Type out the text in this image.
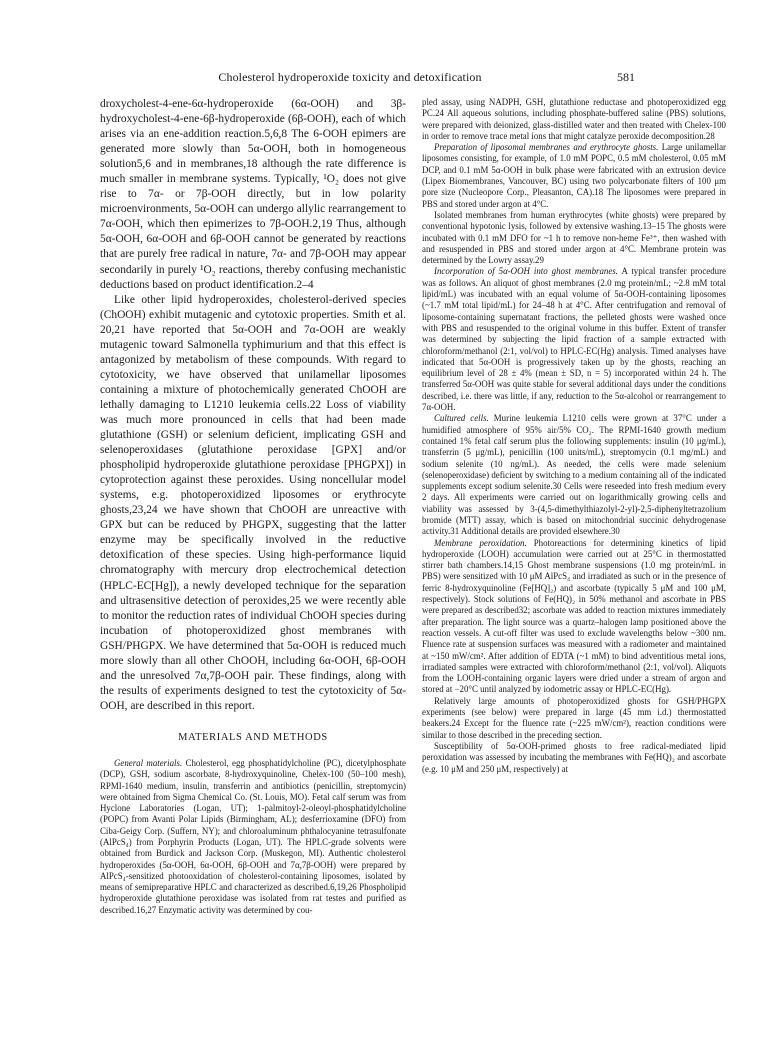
Cholesterol hydroperoxide toxicity and detoxification	581

droxycholest-4-ene-6α-hydroperoxide (6α-OOH) and 3β-hydroxycholest-4-ene-6β-hydroperoxide (6β-OOH), each of which arises via an ene-addition reaction.5,6,8 The 6-OOH epimers are generated more slowly than 5α-OOH, both in homogeneous solution5,6 and in membranes,18 although the rate difference is much smaller in membrane systems. Typically, ¹O₂ does not give rise to 7α- or 7β-OOH directly, but in low polarity microenvironments, 5α-OOH can undergo allylic rearrangement to 7α-OOH, which then epimerizes to 7β-OOH.2,19 Thus, although 5α-OOH, 6α-OOH and 6β-OOH cannot be generated by reactions that are purely free radical in nature, 7α- and 7β-OOH may appear secondarily in purely ¹O₂ reactions, thereby confusing mechanistic deductions based on product identification.2–4

Like other lipid hydroperoxides, cholesterol-derived species (ChOOH) exhibit mutagenic and cytotoxic properties. Smith et al. 20,21 have reported that 5α-OOH and 7α-OOH are weakly mutagenic toward Salmonella typhimurium and that this effect is antagonized by metabolism of these compounds. With regard to cytotoxicity, we have observed that unilamellar liposomes containing a mixture of photochemically generated ChOOH are lethally damaging to L1210 leukemia cells.22 Loss of viability was much more pronounced in cells that had been made glutathione (GSH) or selenium deficient, implicating GSH and selenoperoxidases (glutathione peroxidase [GPX] and/or phospholipid hydroperoxide glutathione peroxidase [PHGPX]) in cytoprotection against these peroxides. Using noncellular model systems, e.g. photoperoxidized liposomes or erythrocyte ghosts,23,24 we have shown that ChOOH are unreactive with GPX but can be reduced by PHGPX, suggesting that the latter enzyme may be specifically involved in the reductive detoxification of these species. Using high-performance liquid chromatography with mercury drop electrochemical detection (HPLC-EC[Hg]), a newly developed technique for the separation and ultrasensitive detection of peroxides,25 we were recently able to monitor the reduction rates of individual ChOOH species during incubation of photoperoxidized ghost membranes with GSH/PHGPX. We have determined that 5α-OOH is reduced much more slowly than all other ChOOH, including 6α-OOH, 6β-OOH and the unresolved 7α,7β-OOH pair. These findings, along with the results of experiments designed to test the cytotoxicity of 5α-OOH, are described in this report.

MATERIALS AND METHODS

General materials. Cholesterol, egg phosphatidylcholine (PC), dicetylphosphate (DCP), GSH, sodium ascorbate, 8-hydroxyquinoline, Chelex-100 (50–100 mesh), RPMI-1640 medium, insulin, transferrin and antibiotics (penicillin, streptomycin) were obtained from Sigma Chemical Co. (St. Louis, MO). Fetal calf serum was from Hyclone Laboratories (Logan, UT); 1-palmitoyl-2-oleoyl-phosphatidylcholine (POPC) from Avanti Polar Lipids (Birmingham, AL); desferrioxamine (DFO) from Ciba-Geigy Corp. (Suffern, NY); and chloroaluminum phthalocyanine tetrasulfonate (AlPcS₄) from Porphyrin Products (Logan, UT). The HPLC-grade solvents were obtained from Burdick and Jackson Corp. (Muskegon, MI). Authentic cholesterol hydroperoxides (5α-OOH, 6α-OOH, 6β-OOH and 7α,7β-OOH) were prepared by AlPcS₄-sensitized photooxidation of cholesterol-containing liposomes, isolated by means of semipreparative HPLC and characterized as described.6,19,26 Phospholipid hydroperoxide glutathione peroxidase was isolated from rat testes and purified as described.16,27 Enzymatic activity was determined by cou-

pled assay, using NADPH, GSH, glutathione reductase and photoperoxidized egg PC.24 All aqueous solutions, including phosphate-buffered saline (PBS) solutions, were prepared with deionized, glass-distilled water and then treated with Chelex-100 in order to remove trace metal ions that might catalyze peroxide decomposition.28

Preparation of liposomal membranes and erythrocyte ghosts. Large unilamellar liposomes consisting, for example, of 1.0 mM POPC, 0.5 mM cholesterol, 0.05 mM DCP, and 0.1 mM 5α-OOH in bulk phase were fabricated with an extrusion device (Lipex Biomembranes, Vancouver, BC) using two polycarbonate filters of 100 μm pore size (Nucleopore Corp., Pleasanton, CA).18 The liposomes were prepared in PBS and stored under argon at 4°C.

Isolated membranes from human erythrocytes (white ghosts) were prepared by conventional hypotonic lysis, followed by extensive washing.13–15 The ghosts were incubated with 0.1 mM DFO for ~1 h to remove non-heme Fe³⁺, then washed with and resuspended in PBS and stored under argon at 4°C. Membrane protein was determined by the Lowry assay.29

Incorporation of 5α-OOH into ghost membranes. A typical transfer procedure was as follows. An aliquot of ghost membranes (2.0 mg protein/mL; ~2.8 mM total lipid/mL) was incubated with an equal volume of 5α-OOH-containing liposomes (~1.7 mM total lipid/mL) for 24–48 h at 4°C. After centrifugation and removal of liposome-containing supernatant fractions, the pelleted ghosts were washed once with PBS and resuspended to the original volume in this buffer. Extent of transfer was determined by subjecting the lipid fraction of a sample extracted with chloroform/methanol (2:1, vol/vol) to HPLC-EC(Hg) analysis. Timed analyses have indicated that 5α-OOH is progressively taken up by the ghosts, reaching an equilibrium level of 28 ± 4% (mean ± SD, n = 5) incorporated within 24 h. The transferred 5α-OOH was quite stable for several additional days under the conditions described, i.e. there was little, if any, reduction to the 5α-alcohol or rearrangement to 7α-OOH.

Cultured cells. Murine leukemia L1210 cells were grown at 37°C under a humidified atmosphere of 95% air/5% CO₂. The RPMI-1640 growth medium contained 1% fetal calf serum plus the following supplements: insulin (10 μg/mL), transferrin (5 μg/mL), penicillin (100 units/mL), streptomycin (0.1 mg/mL) and sodium selenite (10 ng/mL). As needed, the cells were made selenium (selenoperoxidase) deficient by switching to a medium containing all of the indicated supplements except sodium selenite.30 Cells were reseeded into fresh medium every 2 days. All experiments were carried out on logarithmically growing cells and viability was assessed by 3-(4,5-dimethylthiazolyl-2-yl)-2,5-diphenyltetrazolium bromide (MTT) assay, which is based on mitochondrial succinic dehydrogenase activity.31 Additional details are provided elsewhere.30

Membrane peroxidation. Photoreactions for determining kinetics of lipid hydroperoxide (LOOH) accumulation were carried out at 25°C in thermostatted stirrer bath chambers.14,15 Ghost membrane suspensions (1.0 mg protein/mL in PBS) were sensitized with 10 μM AlPcS₄ and irradiated as such or in the presence of ferric 8-hydroxyquinoline (Fe[HQ]₂) and ascorbate (typically 5 μM and 100 μM, respectively). Stock solutions of Fe(HQ)₂ in 50% methanol and ascorbate in PBS were prepared as described32; ascorbate was added to reaction mixtures immediately after preparation. The light source was a quartz–halogen lamp positioned above the reaction vessels. A cut-off filter was used to exclude wavelengths below ~300 nm. Fluence rate at suspension surfaces was measured with a radiometer and maintained at ~150 mW/cm². After addition of EDTA (~1 mM) to bind adventitious metal ions, irradiated samples were extracted with chloroform/methanol (2:1, vol/vol). Aliquots from the LOOH-containing organic layers were dried under a stream of argon and stored at −20°C until analyzed by iodometric assay or HPLC-EC(Hg).

Relatively large amounts of photoperoxidized ghosts for GSH/PHGPX experiments (see below) were prepared in large (45 mm i.d.) thermostatted beakers.24 Except for the fluence rate (~225 mW/cm²), reaction conditions were similar to those described in the preceding section.

Susceptibility of 5α-OOH-primed ghosts to free radical-mediated lipid peroxidation was assessed by incubating the membranes with Fe(HQ)₂ and ascorbate (e.g. 10 μM and 250 μM, respectively) at
